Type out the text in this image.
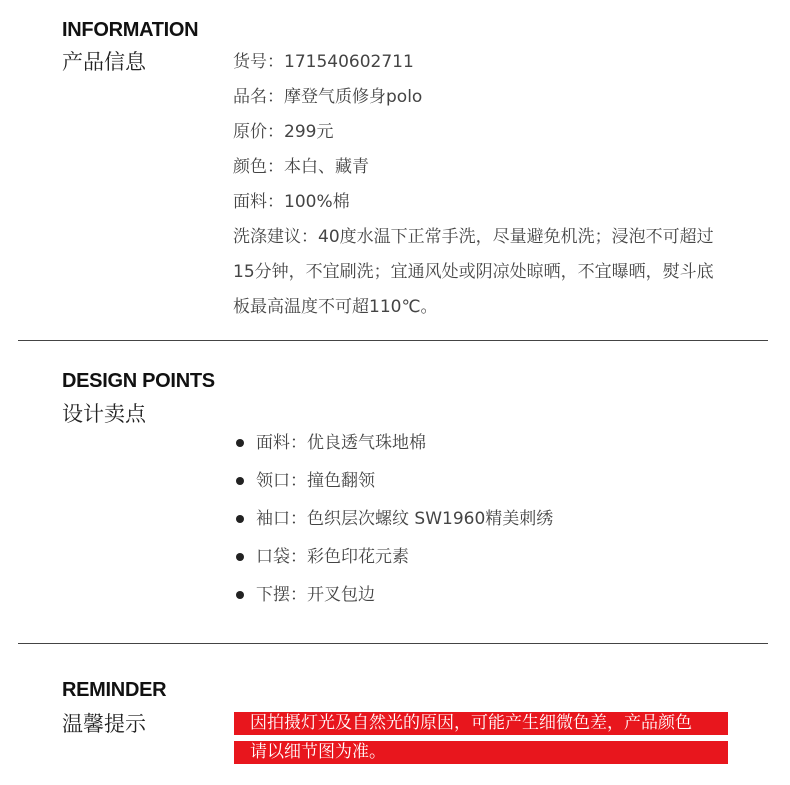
INFORMATION
产品信息	货号：171540602711
品名：摩登气质修身polo
原价：299元
颜色：本白、藏青
面料：100%棉
洗涤建议：40度水温下正常手洗，尽量避免机洗；浸泡不可超过
15分钟，不宜刷洗；宜通风处或阴凉处晾晒，不宜曝晒，熨斗底
板最高温度不可超110℃。
DESIGN POINTS
设计卖点
面料：优良透气珠地棉
领口：撞色翻领
袖口：色织层次螺纹 SW1960精美刺绣
口袋：彩色印花元素
下摆：开叉包边
REMINDER
温馨提示	因拍摄灯光及自然光的原因，可能产生细微色差，产品颜色
请以细节图为准。
